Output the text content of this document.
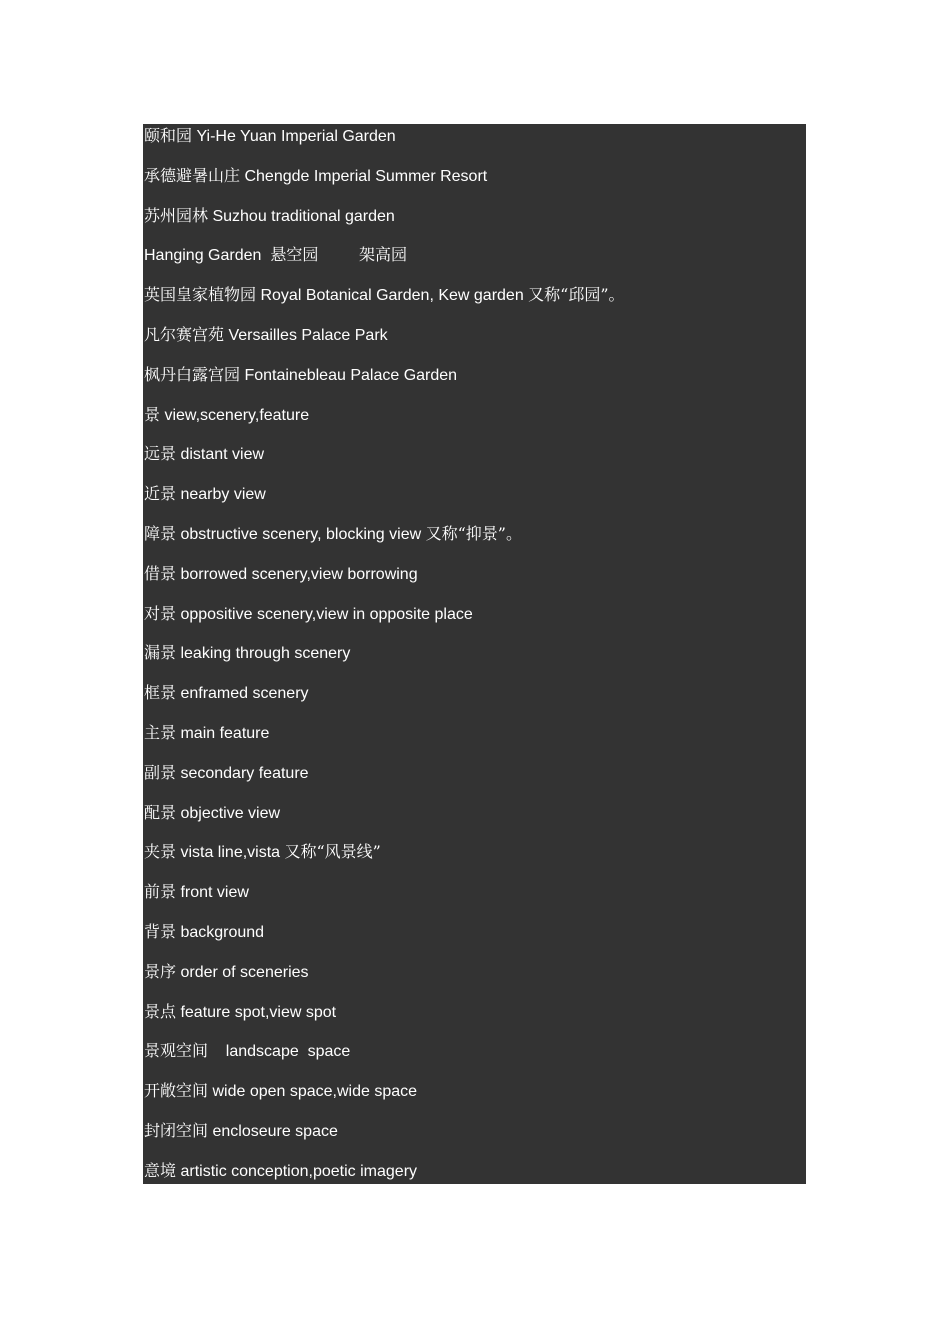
颐和园 Yi-He Yuan Imperial Garden
承德避暑山庄 Chengde Imperial Summer Resort
苏州园林 Suzhou traditional garden
Hanging Garden  悬空园        架高园
英国皇家植物园 Royal Botanical Garden, Kew garden 又称“邱园”。
凡尔赛宫苑 Versailles Palace Park
枫丹白露宫园 Fontainebleau Palace Garden
景 view,scenery,feature
远景 distant view
近景 nearby view
障景 obstructive scenery, blocking view 又称“抑景”。
借景 borrowed scenery,view borrowing
对景 oppositive scenery,view in opposite place
漏景 leaking through scenery
框景 enframed scenery
主景 main feature
副景 secondary feature
配景 objective view
夹景 vista line,vista 又称“风景线”
前景 front view
背景 background
景序 order of sceneries
景点 feature spot,view spot
景观空间    landscape  space
开敞空间 wide open space,wide space
封闭空间 encloseure space
意境 artistic conception,poetic imagery
